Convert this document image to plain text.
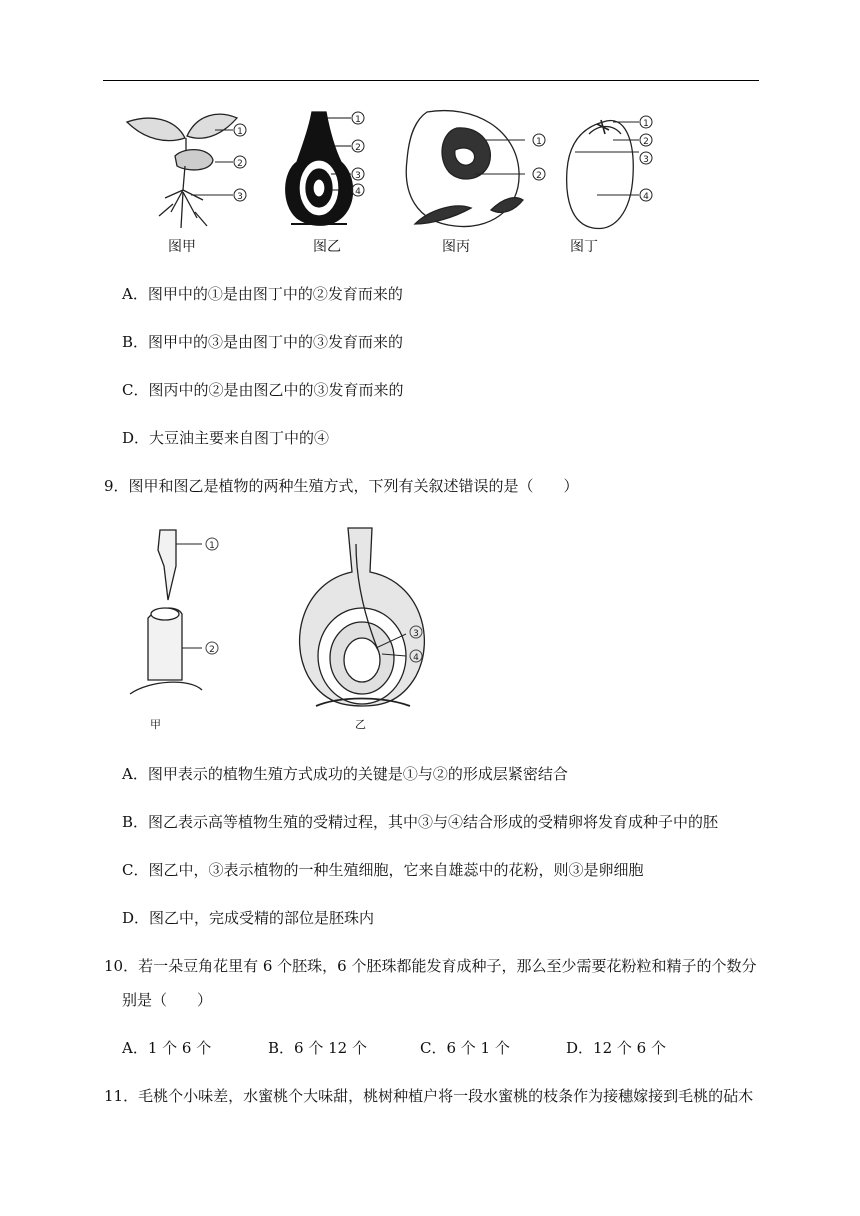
1
2
3
1
2
3
4
1
2
1
2
3
4
图甲	图乙	图丙	图丁
A．图甲中的①是由图丁中的②发育而来的
B．图甲中的③是由图丁中的③发育而来的
C．图丙中的②是由图乙中的③发育而来的
D．大豆油主要来自图丁中的④
9．图甲和图乙是植物的两种生殖方式，下列有关叙述错误的是（　　）
1
2
3
4
甲	乙
A．图甲表示的植物生殖方式成功的关键是①与②的形成层紧密结合
B．图乙表示高等植物生殖的受精过程，其中③与④结合形成的受精卵将发育成种子中的胚
C．图乙中，③表示植物的一种生殖细胞，它来自雄蕊中的花粉，则③是卵细胞
D．图乙中，完成受精的部位是胚珠内
10．若一朵豆角花里有 6 个胚珠，6 个胚珠都能发育成种子，那么至少需要花粉粒和精子的个数分
别是（　　）
A．1 个 6 个	B．6 个 12 个	C．6 个 1 个	D．12 个 6 个
11．毛桃个小味差，水蜜桃个大味甜，桃树种植户将一段水蜜桃的枝条作为接穗嫁接到毛桃的砧木
